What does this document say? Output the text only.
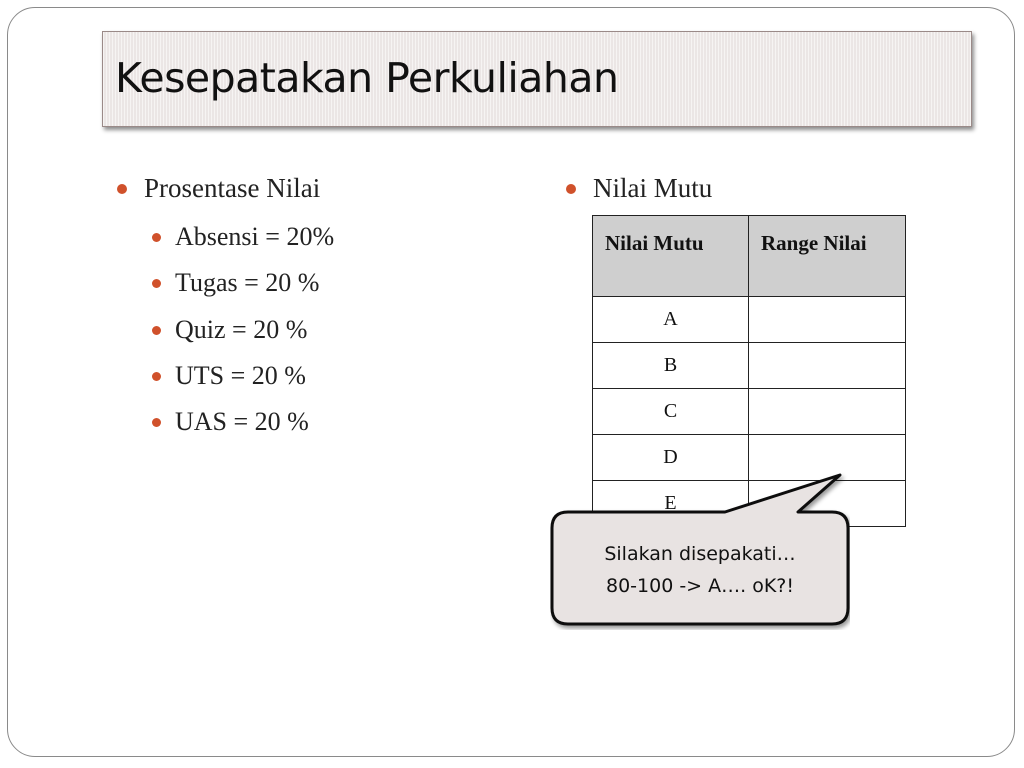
Kesepatakan Perkuliahan
Prosentase Nilai
Absensi = 20%
Tugas = 20 %
Quiz = 20 %
UTS = 20 %
UAS = 20 %
Nilai Mutu
Nilai Mutu	Range Nilai
A	
B	
C	
D	
E	
Silakan disepakati…
80-100 -> A…. oK?!
